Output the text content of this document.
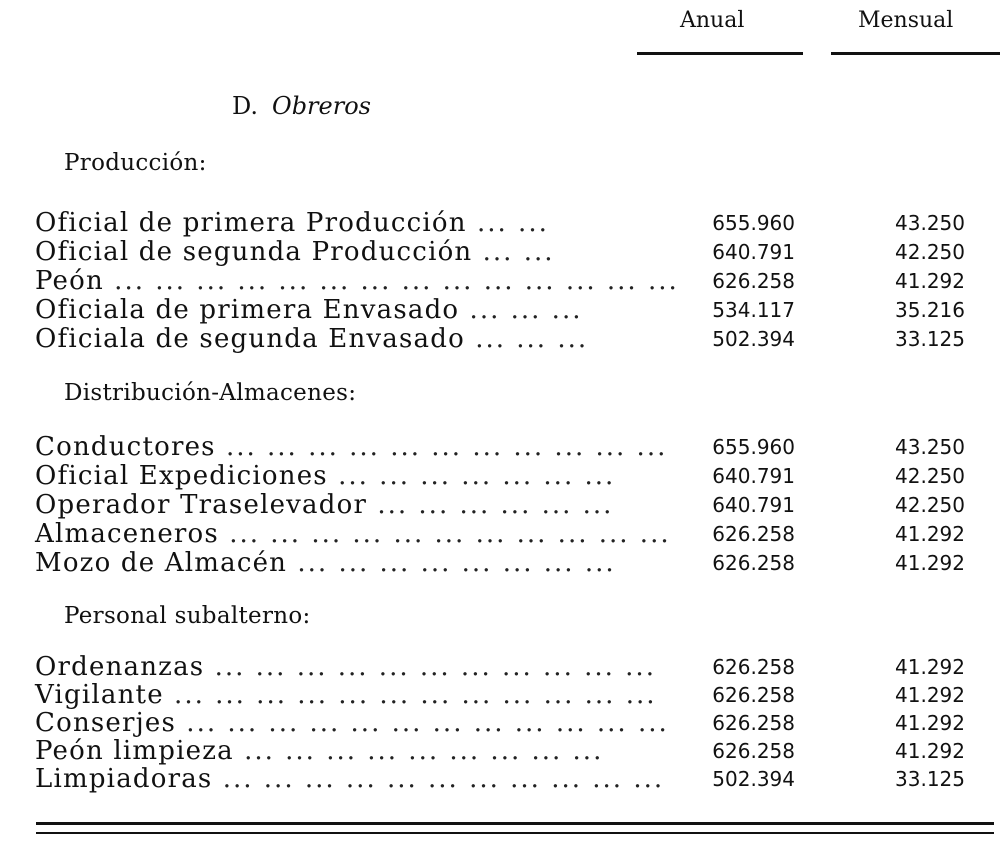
Anual	Mensual
D. Obreros
Producción:
Oficial de primera Producción ... ...	655.960	43.250
Oficial de segunda Producción ... ...	640.791	42.250
Peón ... ... ... ... ... ... ... ... ... ... ... ... ... ...	626.258	41.292
Oficiala de primera Envasado ... ... ...	534.117	35.216
Oficiala de segunda Envasado ... ... ...	502.394	33.125
Distribución-Almacenes:
Conductores ... ... ... ... ... ... ... ... ... ... ...	655.960	43.250
Oficial Expediciones ... ... ... ... ... ... ...	640.791	42.250
Operador Traselevador ... ... ... ... ... ...	640.791	42.250
Almaceneros ... ... ... ... ... ... ... ... ... ... ...	626.258	41.292
Mozo de Almacén ... ... ... ... ... ... ... ...	626.258	41.292
Personal subalterno:
Ordenanzas ... ... ... ... ... ... ... ... ... ... ...	626.258	41.292
Vigilante ... ... ... ... ... ... ... ... ... ... ... ...	626.258	41.292
Conserjes ... ... ... ... ... ... ... ... ... ... ... ...	626.258	41.292
Peón limpieza ... ... ... ... ... ... ... ... ...	626.258	41.292
Limpiadoras ... ... ... ... ... ... ... ... ... ... ...	502.394	33.125
